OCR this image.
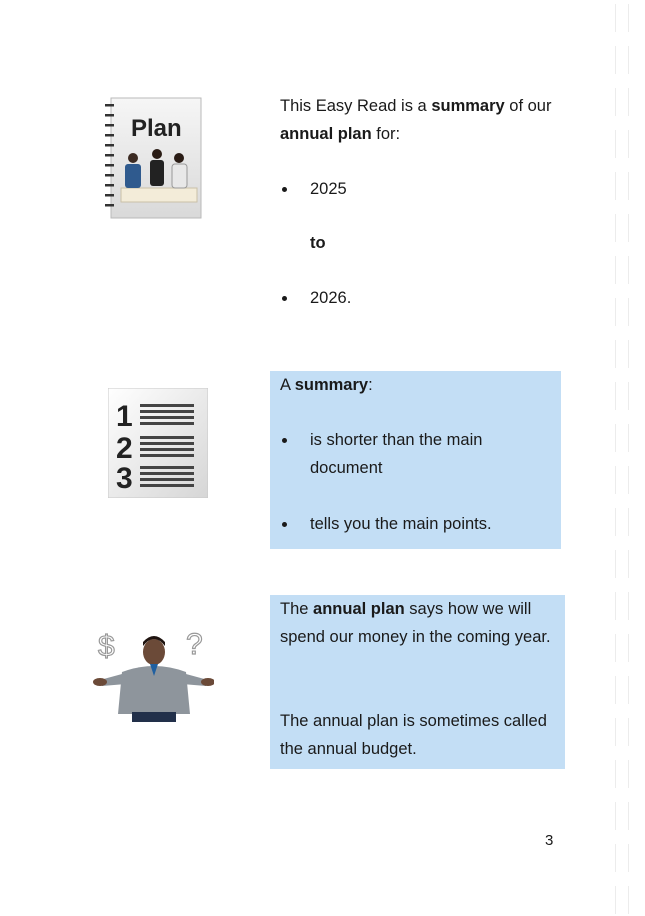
Plan

This Easy Read is a summary of our
annual plan for:

2025
to
2026.
1
2
3

A summary:

is shorter than the main document
tells you the main points.
$ ?

The annual plan says how we will spend our money in the coming year.

The annual plan is sometimes called the annual budget.

3
